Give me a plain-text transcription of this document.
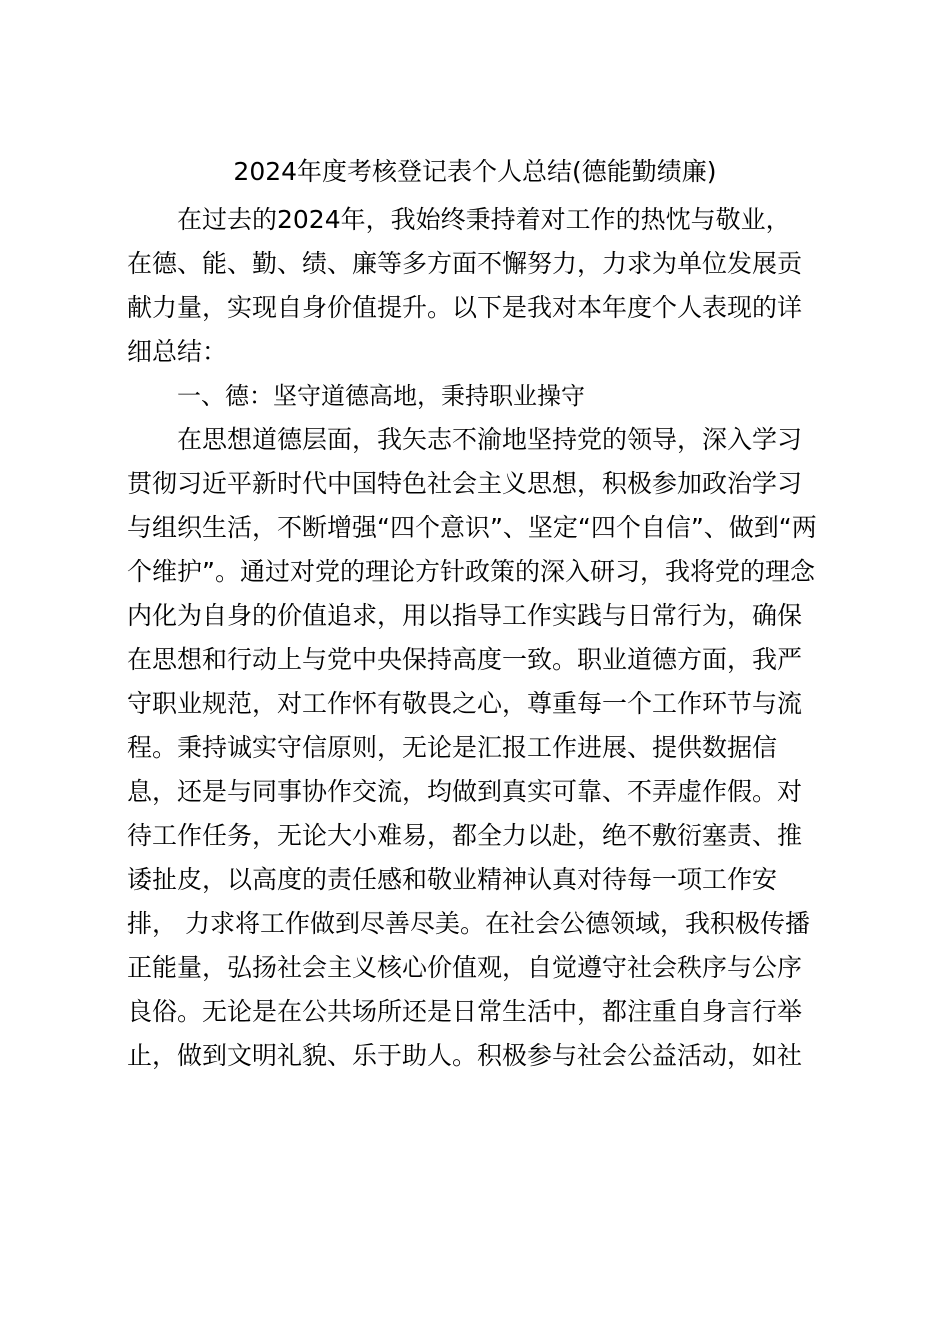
2024年度考核登记表个人总结(德能勤绩廉)
在过去的2024年，我始终秉持着对工作的热忱与敬业，
在德、能、勤、绩、廉等多方面不懈努力，力求为单位发展贡
献力量，实现自身价值提升。以下是我对本年度个人表现的详
细总结：
一、德：坚守道德高地，秉持职业操守
在思想道德层面，我矢志不渝地坚持党的领导，深入学习
贯彻习近平新时代中国特色社会主义思想，积极参加政治学习
与组织生活，不断增强“四个意识”、坚定“四个自信”、做到“两
个维护”。通过对党的理论方针政策的深入研习，我将党的理念
内化为自身的价值追求，用以指导工作实践与日常行为，确保
在思想和行动上与党中央保持高度一致。职业道德方面，我严
守职业规范，对工作怀有敬畏之心，尊重每一个工作环节与流
程。秉持诚实守信原则，无论是汇报工作进展、提供数据信
息，还是与同事协作交流，均做到真实可靠、不弄虚作假。对
待工作任务，无论大小难易，都全力以赴，绝不敷衍塞责、推
诿扯皮，以高度的责任感和敬业精神认真对待每一项工作安
排， 力求将工作做到尽善尽美。在社会公德领域，我积极传播
正能量，弘扬社会主义核心价值观，自觉遵守社会秩序与公序
良俗。无论是在公共场所还是日常生活中，都注重自身言行举
止，做到文明礼貌、乐于助人。积极参与社会公益活动，如社
